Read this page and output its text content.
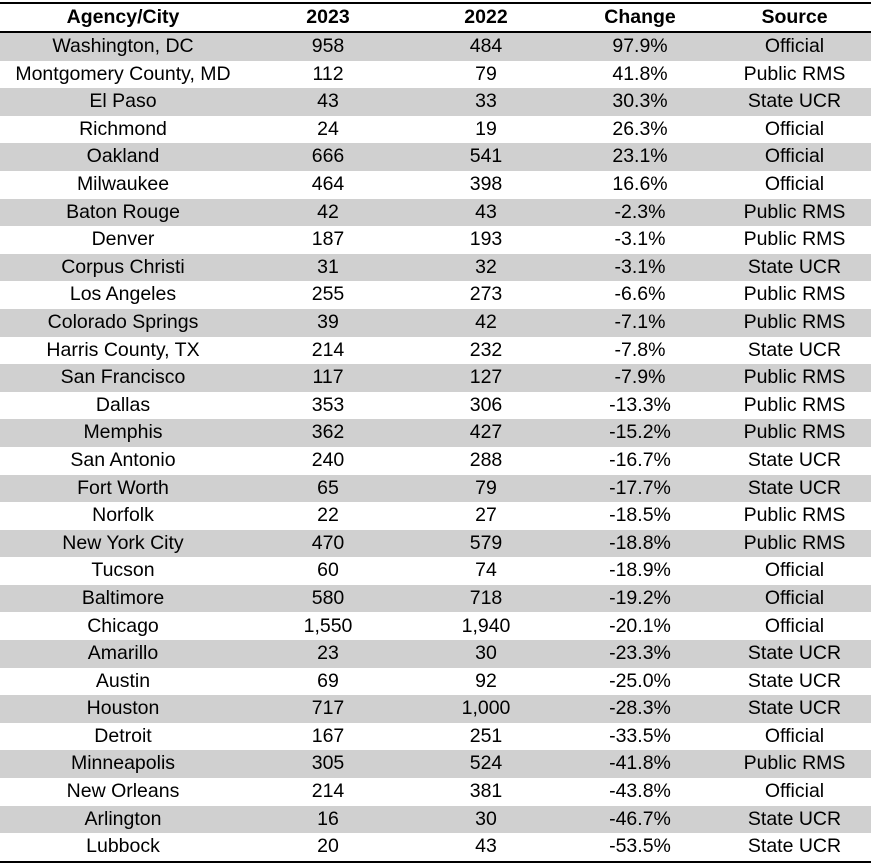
Agency/City	2023	2022	Change	Source
Washington, DC	958	484	97.9%	Official
Montgomery County, MD	112	79	41.8%	Public RMS
El Paso	43	33	30.3%	State UCR
Richmond	24	19	26.3%	Official
Oakland	666	541	23.1%	Official
Milwaukee	464	398	16.6%	Official
Baton Rouge	42	43	-2.3%	Public RMS
Denver	187	193	-3.1%	Public RMS
Corpus Christi	31	32	-3.1%	State UCR
Los Angeles	255	273	-6.6%	Public RMS
Colorado Springs	39	42	-7.1%	Public RMS
Harris County, TX	214	232	-7.8%	State UCR
San Francisco	117	127	-7.9%	Public RMS
Dallas	353	306	-13.3%	Public RMS
Memphis	362	427	-15.2%	Public RMS
San Antonio	240	288	-16.7%	State UCR
Fort Worth	65	79	-17.7%	State UCR
Norfolk	22	27	-18.5%	Public RMS
New York City	470	579	-18.8%	Public RMS
Tucson	60	74	-18.9%	Official
Baltimore	580	718	-19.2%	Official
Chicago	1,550	1,940	-20.1%	Official
Amarillo	23	30	-23.3%	State UCR
Austin	69	92	-25.0%	State UCR
Houston	717	1,000	-28.3%	State UCR
Detroit	167	251	-33.5%	Official
Minneapolis	305	524	-41.8%	Public RMS
New Orleans	214	381	-43.8%	Official
Arlington	16	30	-46.7%	State UCR
Lubbock	20	43	-53.5%	State UCR
